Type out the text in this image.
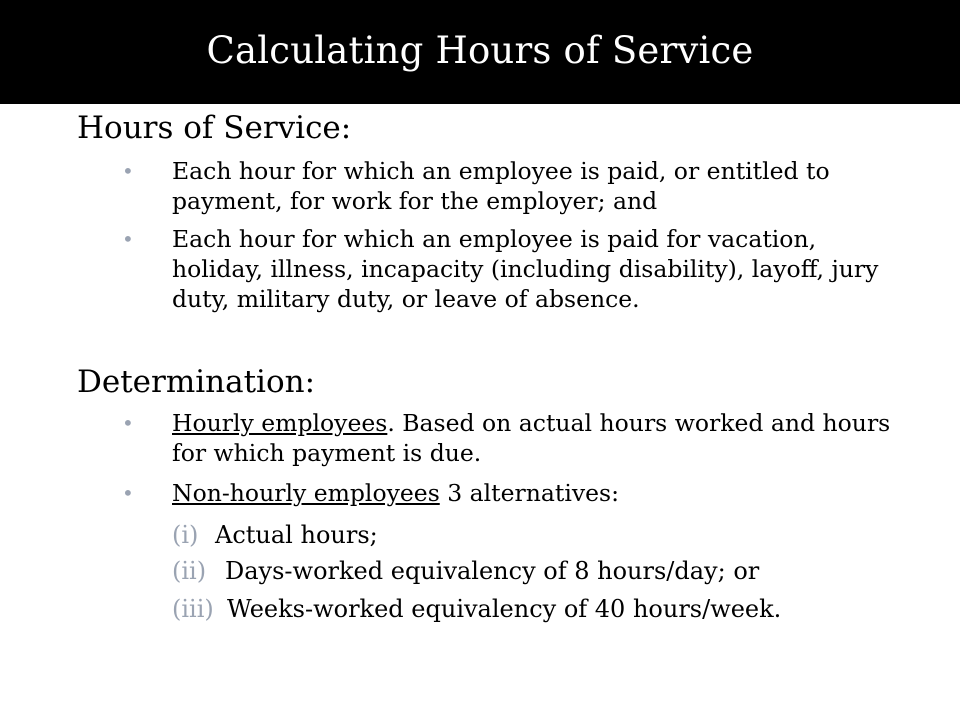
Calculating Hours of Service
Hours of Service:
• Each hour for which an employee is paid, or entitled to payment, for work for the employer; and
• Each hour for which an employee is paid for vacation, holiday, illness, incapacity (including disability), layoff, jury duty, military duty, or leave of absence.
Determination:
• Hourly employees. Based on actual hours worked and hours for which payment is due.
• Non-hourly employees 3 alternatives:
(i) Actual hours;
(ii) Days-worked equivalency of 8 hours/day; or
(iii) Weeks-worked equivalency of 40 hours/week.
